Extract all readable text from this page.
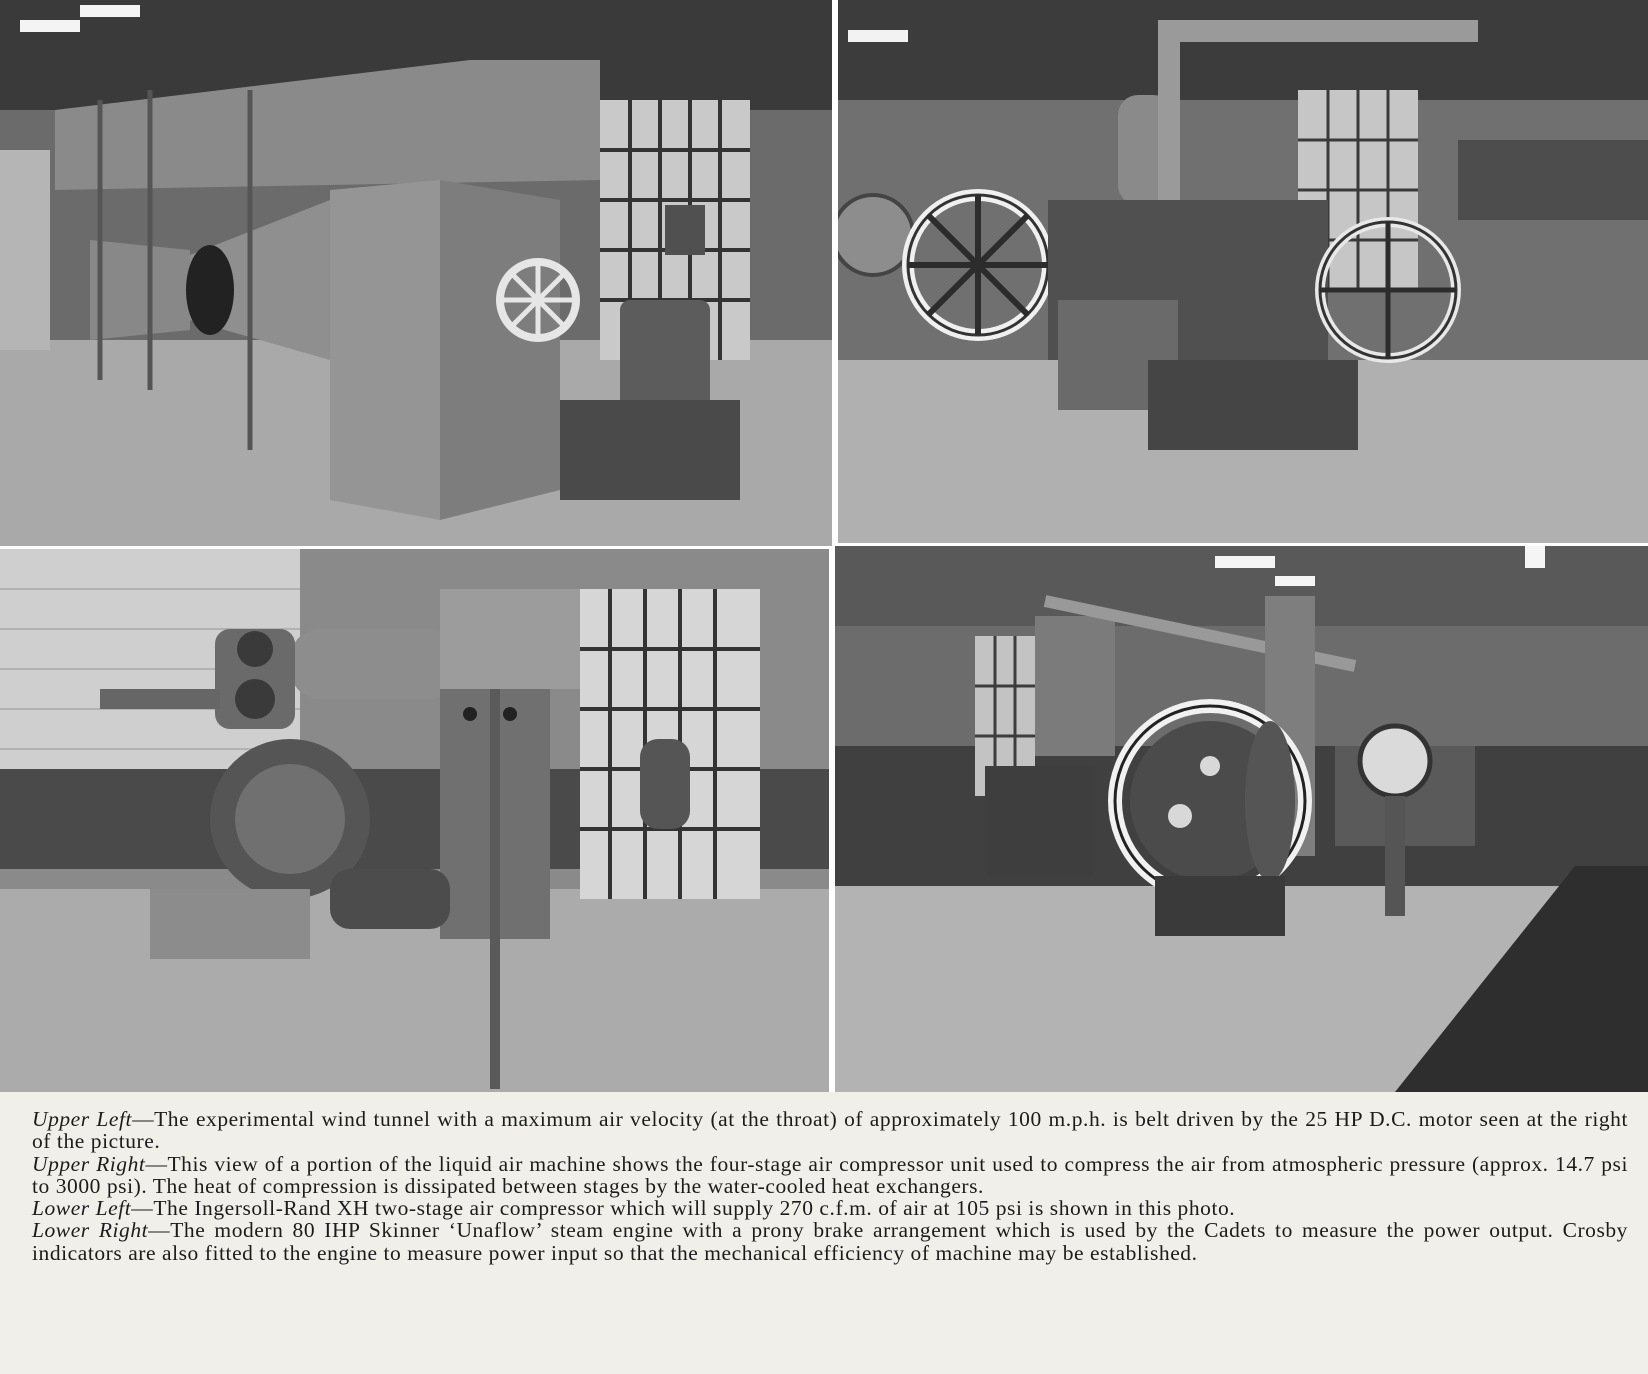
Upper Left—The experimental wind tunnel with a maximum air velocity (at the throat) of approximately 100 m.p.h. is belt driven by the 25 HP D.C. motor seen at the right of the picture.

Upper Right—This view of a portion of the liquid air machine shows the four-stage air compressor unit used to compress the air from atmospheric pressure (approx. 14.7 psi to 3000 psi). The heat of compression is dissipated between stages by the water-cooled heat exchangers.

Lower Left—The Ingersoll-Rand XH two-stage air compressor which will supply 270 c.f.m. of air at 105 psi is shown in this photo.

Lower Right—The modern 80 IHP Skinner ‘Unaflow’ steam engine with a prony brake arrangement which is used by the Cadets to measure the power output. Crosby indicators are also fitted to the engine to measure power input so that the mechanical efficiency of machine may be established.
